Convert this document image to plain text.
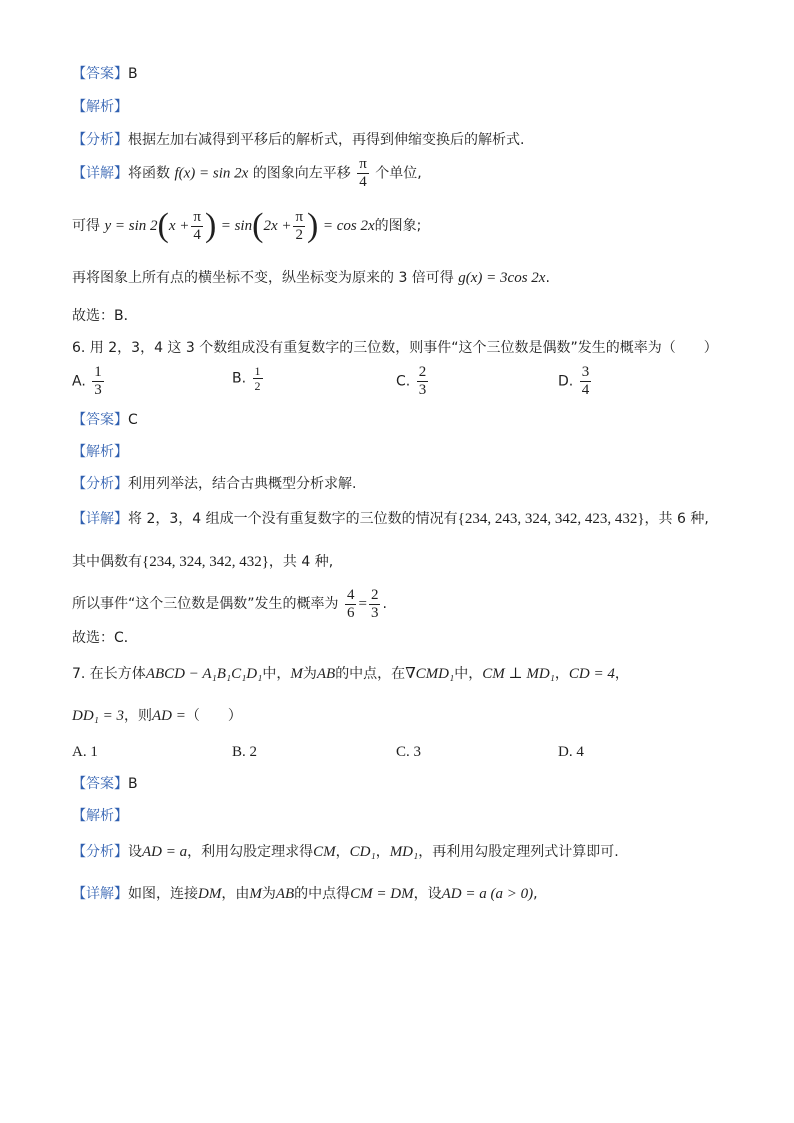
【答案】B
【解析】
【分析】根据左加右减得到平移后的解析式，再得到伸缩变换后的解析式.
【详解】将函数 f(x) = sin 2x 的图象向左平移 $\frac{\pi}{4}$ 个单位,
可得 $y = \sin 2(x + \frac{\pi}{4}$ ) = $\sin(2x + \frac{\pi}{2}$ ) = cos 2x的图象;
再将图象上所有点的横坐标不变，纵坐标变为原来的 3 倍可得 g(x) = 3cos 2x.
故选：B．
6. 用 2，3，4 这 3 个数组成没有重复数字的三位数，则事件“这个三位数是偶数”发生的概率为（　　）
A. $\frac{1}{3}$	B. $\frac{1}{2}$	C. $\frac{2}{3}$	D. $\frac{3}{4}$
【答案】C
【解析】
【分析】利用列举法，结合古典概型分析求解.
【详解】将 2，3，4 组成一个没有重复数字的三位数的情况有{234, 243, 324, 342, 423, 432}，共 6 种,
其中偶数有{234, 324, 342, 432}，共 4 种,
所以事件“这个三位数是偶数”发生的概率为 $\frac{4}{6} = \frac{2}{3}$ .
故选：C．
7. 在长方体ABCD − A₁B₁C₁D₁中，M为AB的中点，在∇CMD₁中，CM ⊥ MD₁，CD = 4，
DD₁ = 3，则AD =（　　）
A. 1	B. 2	C. 3	D. 4
【答案】B
【解析】
【分析】设AD = a，利用勾股定理求得CM，CD₁，MD₁，再利用勾股定理列式计算即可.
【详解】如图，连接DM，由M为AB的中点得CM = DM，设AD = a (a > 0),
